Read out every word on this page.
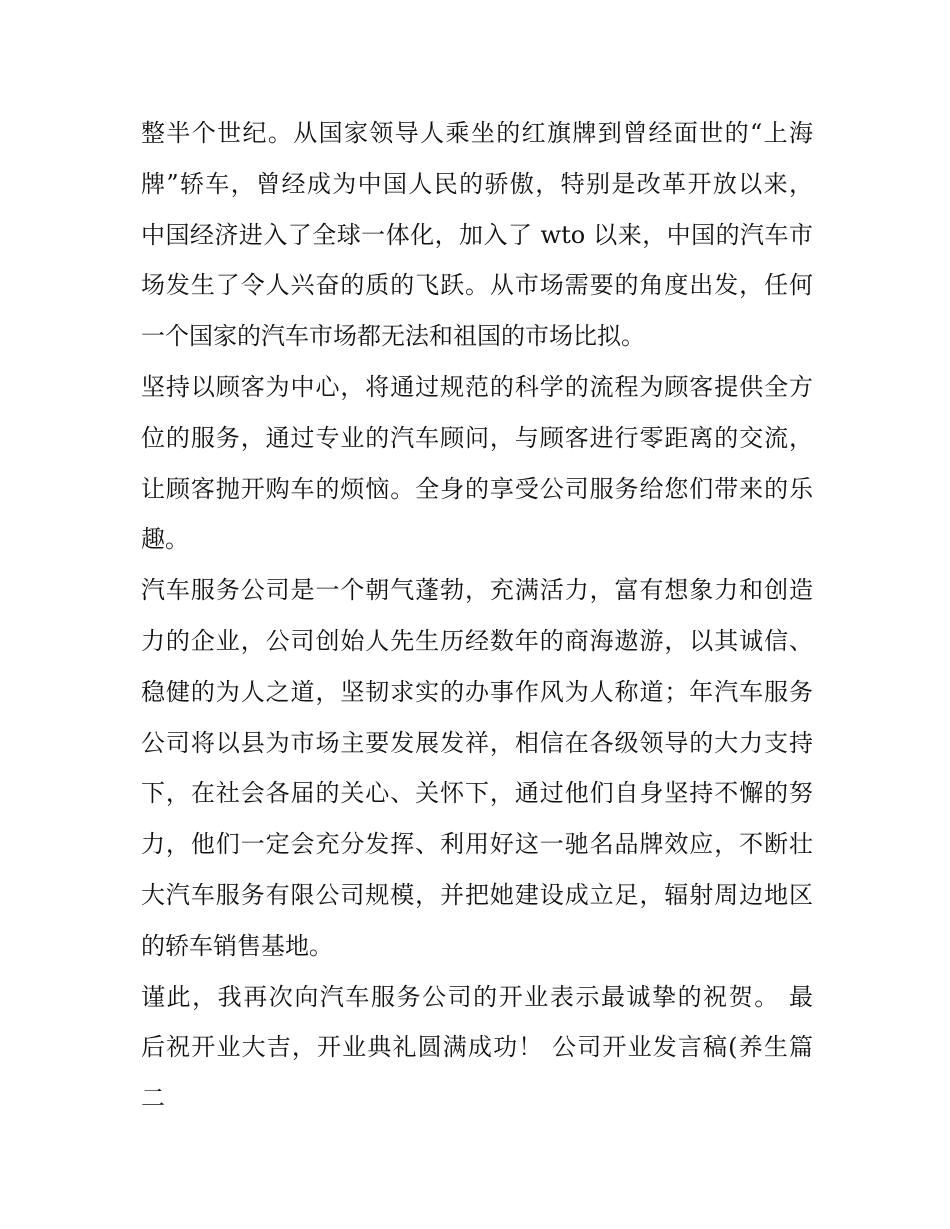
整半个世纪。从国家领导人乘坐的红旗牌到曾经面世的“上海
牌”轿车，曾经成为中国人民的骄傲，特别是改革开放以来，
中国经济进入了全球一体化，加入了 wto 以来，中国的汽车市
场发生了令人兴奋的质的飞跃。从市场需要的角度出发，任何
一个国家的汽车市场都无法和祖国的市场比拟。
坚持以顾客为中心，将通过规范的科学的流程为顾客提供全方
位的服务，通过专业的汽车顾问，与顾客进行零距离的交流，
让顾客抛开购车的烦恼。全身的享受公司服务给您们带来的乐
趣。
汽车服务公司是一个朝气蓬勃，充满活力，富有想象力和创造
力的企业，公司创始人先生历经数年的商海遨游，以其诚信、
稳健的为人之道，坚韧求实的办事作风为人称道；年汽车服务
公司将以县为市场主要发展发祥，相信在各级领导的大力支持
下，在社会各届的关心、关怀下，通过他们自身坚持不懈的努
力，他们一定会充分发挥、利用好这一驰名品牌效应，不断壮
大汽车服务有限公司规模，并把她建设成立足，辐射周边地区
的轿车销售基地。
谨此，我再次向汽车服务公司的开业表示最诚挚的祝贺。 最
后祝开业大吉，开业典礼圆满成功！ 公司开业发言稿(养生篇
二
